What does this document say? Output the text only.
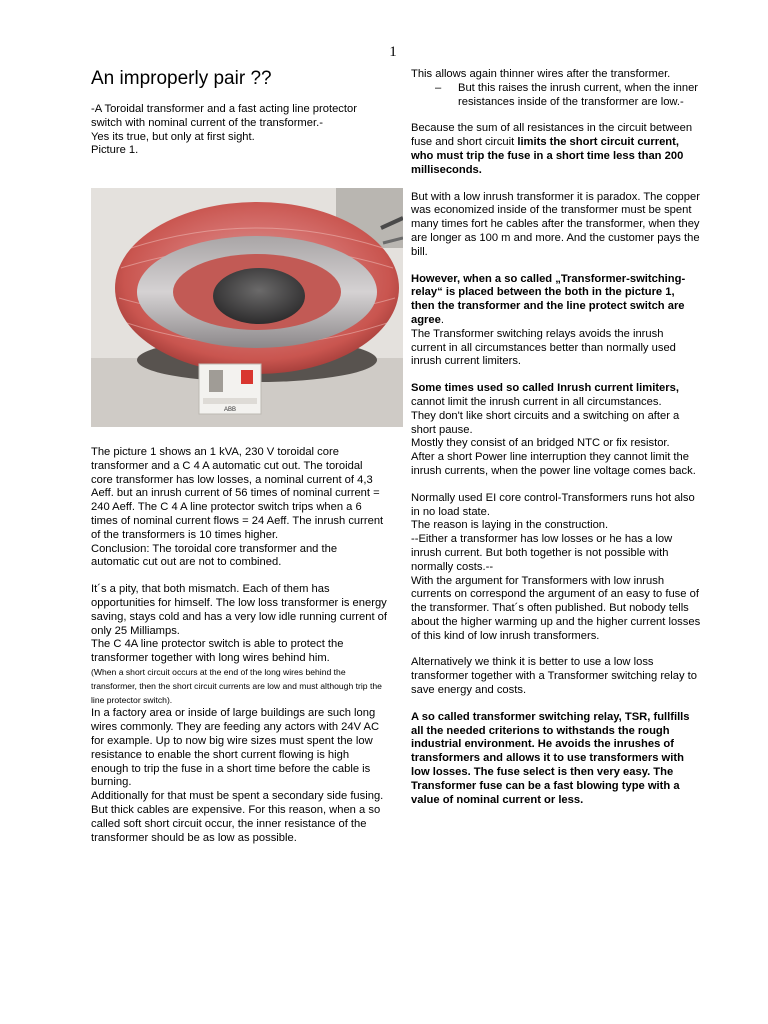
1
An improperly pair ??

-A Toroidal transformer and a fast acting line protector switch with nominal current of the transformer.-

Yes its true, but only at first sight.

Picture 1.

ABB

The picture 1 shows an 1 kVA, 230 V toroidal core transformer and a C 4 A automatic cut out. The toroidal core transformer has low losses, a nominal current of 4,3 Aeff. but an inrush current of 56 times of nominal current = 240 Aeff. The C 4 A line protector switch trips when a 6 times of nominal current flows = 24 Aeff. The inrush current of the transformers is 10 times higher.

Conclusion: The toroidal core transformer and the automatic cut out are not to combined.

It´s a pity, that both mismatch. Each of them has opportunities for himself. The low loss transformer is energy saving, stays cold and has a very low idle running current of only 25 Milliamps.

The C 4A line protector switch is able to protect the transformer together with long wires behind him.

(When a short circuit occurs at the end of the long wires behind the transformer, then the short circuit currents are low and must although trip the line protector switch).

In a factory area or inside of large buildings are such long wires commonly. They are feeding any actors with 24V AC for example. Up to now big wire sizes must spent the low resistance to enable the short current flowing is high enough to trip the fuse in a short time before the cable is burning.

Additionally for that must be spent a secondary side fusing.

But thick cables are expensive. For this reason, when a so called soft short circuit occur, the inner resistance of the transformer should be as low as possible.

This allows again thinner wires after the transformer.

–	But this raises the inrush current, when the inner resistances inside of the transformer are low.-

Because the sum of all resistances in the circuit between fuse and short circuit limits the short circuit current, who must trip the fuse in a short time less than 200 milliseconds.

But with a low inrush transformer it is paradox. The copper was economized inside of the transformer must be spent many times fort he cables after the transformer, when they are longer as 100 m and more. And the customer pays the bill.

However, when a so called „Transformer-switching-relay“ is placed between the both in the picture 1, then the transformer and the line protect switch are agree.

The Transformer switching relays avoids the inrush current in all circumstances better than normally used inrush current limiters.

Some times used so called Inrush current limiters, cannot limit the inrush current in all circumstances.

They don't like short circuits and a switching on after a short pause.

Mostly they consist of an bridged NTC or fix resistor.

After a short Power line interruption they cannot limit the inrush currents, when the power line voltage comes back.

Normally used EI core control-Transformers runs hot also in no load state.

The reason is laying in the construction.

--Either a transformer has low losses or he has a low inrush current. But both together is not possible with normally costs.--

With the argument for Transformers with low inrush currents on correspond the argument of an easy to fuse of the transformer. That´s often published. But nobody tells about the higher warming up and the higher current losses of this kind of low inrush transformers.

Alternatively we think it is better to use a low loss transformer together with a Transformer switching relay to save energy and costs.

A so called transformer switching relay, TSR, fullfills all the needed criterions to withstands the rough industrial environment. He avoids the inrushes of transformers and allows it to use transformers with low losses. The fuse select is then very easy. The Transformer fuse can be a fast blowing type with a value of nominal current or less.
